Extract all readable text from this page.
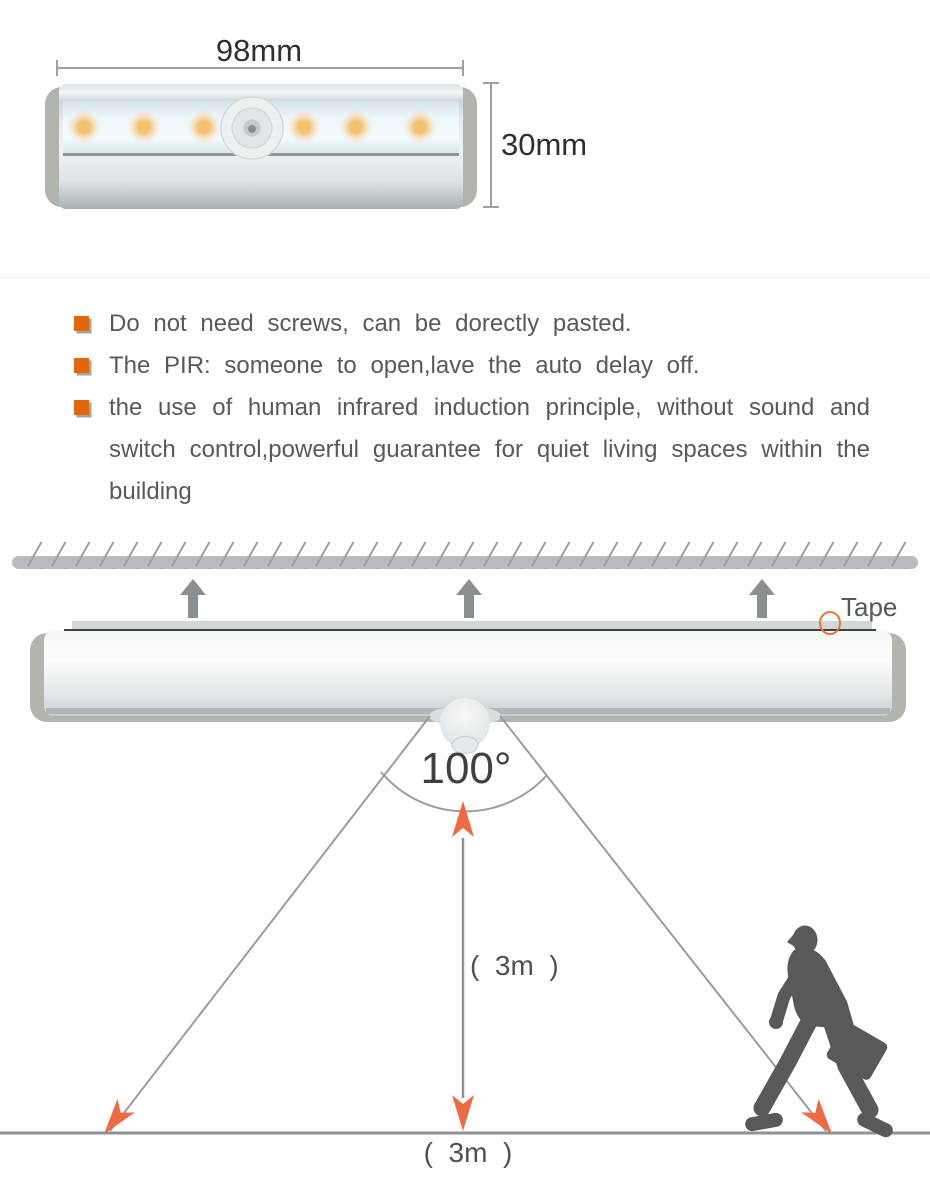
98mm
30mm

Do not need screws, can be dorectly pasted.

The PIR: someone to open,lave the auto delay off.

the use of human infrared induction principle, without sound and switch control,powerful guarantee for quiet living spaces within the building

Tape
100°
(  3m  )
(  3m  )
